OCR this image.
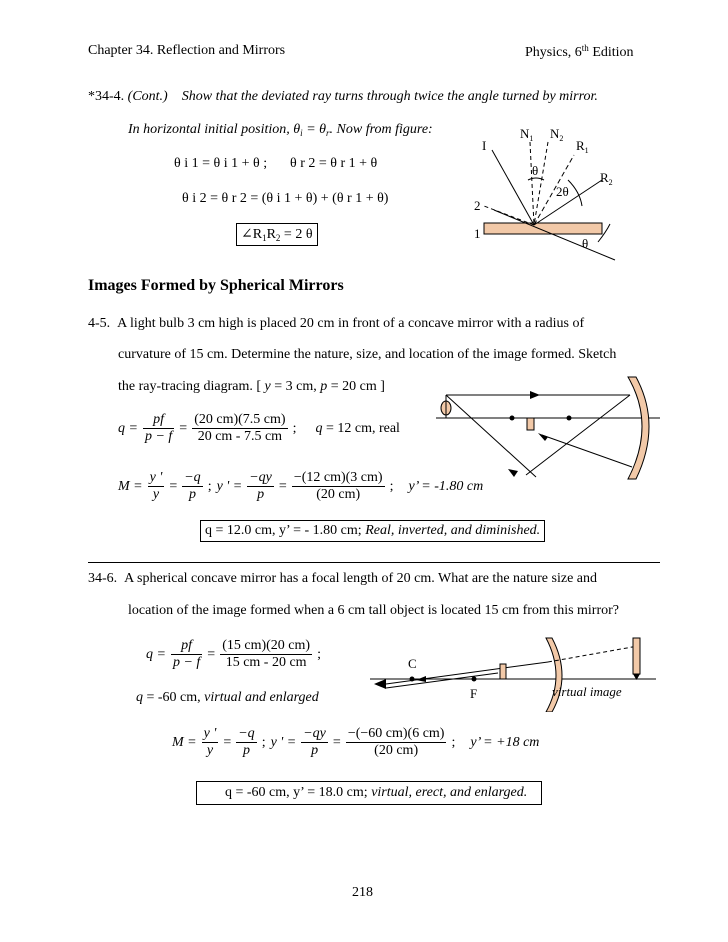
Chapter 34. Reflection and Mirrors	Physics, 6th Edition
*34-4. (Cont.) Show that the deviated ray turns through twice the angle turned by mirror.
In horizontal initial position, $\theta_i = \theta_r$. Now from figure:
θ i 1 = θ i 1 + θ ; θ r 2 = θ r 1 + θ
θ i 2 = θ r 2 = (θ i 1 + θ) + (θ r 1 + θ)
$\angle R_1R_2 = 2$ θ
I
$N_1$ $N_2$ $R_1$
$R_2$
θ
2θ
2
1
θ
Images Formed by Spherical Mirrors
4-5. A light bulb 3 cm high is placed 20 cm in front of a concave mirror with a radius of
curvature of 15 cm. Determine the nature, size, and location of the image formed. Sketch
the ray-tracing diagram. [ y = 3 cm, p = 20 cm ]
$q = \frac{pf}{p - f} = \frac{(20 cm)(7.5 cm)}{20 cm - 7.5 cm}$ ; q = 12 cm, real
$M = \frac{y '}{y} = \frac{-q}{p}$ ; y ' = $\frac{-qy}{p} = \frac{-(12 cm)(3 cm)}{(20 cm)}$ ; y’ = -1.80 cm
q = 12.0 cm, y’ = - 1.80 cm; Real, inverted, and diminished.
34-6. A spherical concave mirror has a focal length of 20 cm. What are the nature size and
location of the image formed when a 6 cm tall object is located 15 cm from this mirror?
$q = \frac{pf}{p - f} = \frac{(15 cm)(20 cm)}{15 cm - 20 cm}$ ;
q = -60 cm, virtual and enlarged
$M = \frac{y '}{y} = \frac{-q}{p}$ ; y ' = $\frac{-qy}{p} = \frac{-(-60 cm)(6 cm)}{(20 cm)}$ ; y’ = +18 cm
q = -60 cm, y’ = 18.0 cm; virtual, erect, and enlarged.
C
F	virtual image
218
